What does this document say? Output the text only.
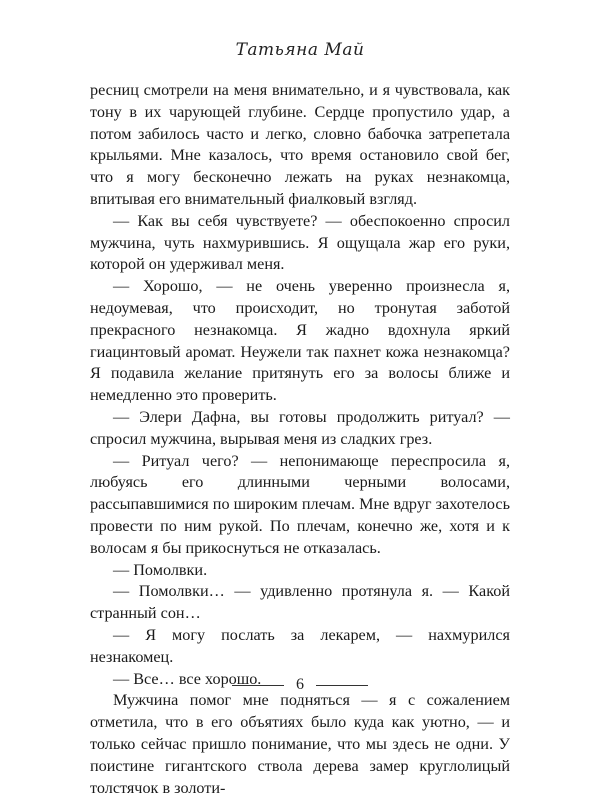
Татьяна Май

ресниц смотрели на меня внимательно, и я чувствовала, как тону в их чарующей глубине. Сердце пропустило удар, а потом забилось часто и легко, словно бабочка затрепетала крыльями. Мне казалось, что время остановило свой бег, что я могу бесконечно лежать на руках незнакомца, впитывая его внимательный фиалковый взгляд.

— Как вы себя чувствуете? — обеспокоенно спросил мужчина, чуть нахмурившись. Я ощущала жар его руки, которой он удерживал меня.

— Хорошо, — не очень уверенно произнесла я, недоумевая, что происходит, но тронутая заботой прекрасного незнакомца. Я жадно вдохнула яркий гиацинтовый аромат. Неужели так пахнет кожа незнакомца? Я подавила желание притянуть его за волосы ближе и немедленно это проверить.

— Элери Дафна, вы готовы продолжить ритуал? — спросил мужчина, вырывая меня из сладких грез.

— Ритуал чего? — непонимающе переспросила я, любуясь его длинными черными волосами, рассыпавшимися по широким плечам. Мне вдруг захотелось провести по ним рукой. По плечам, конечно же, хотя и к волосам я бы прикоснуться не отказалась.

— Помолвки.

— Помолвки… — удивленно протянула я. — Какой странный сон…

— Я могу послать за лекарем, — нахмурился незнакомец.

— Все… все хорошо.

Мужчина помог мне подняться — я с сожалением отметила, что в его объятиях было куда как уютно, — и только сейчас пришло понимание, что мы здесь не одни. У поистине гигантского ствола дерева замер круглолицый толстячок в золоти-

6
